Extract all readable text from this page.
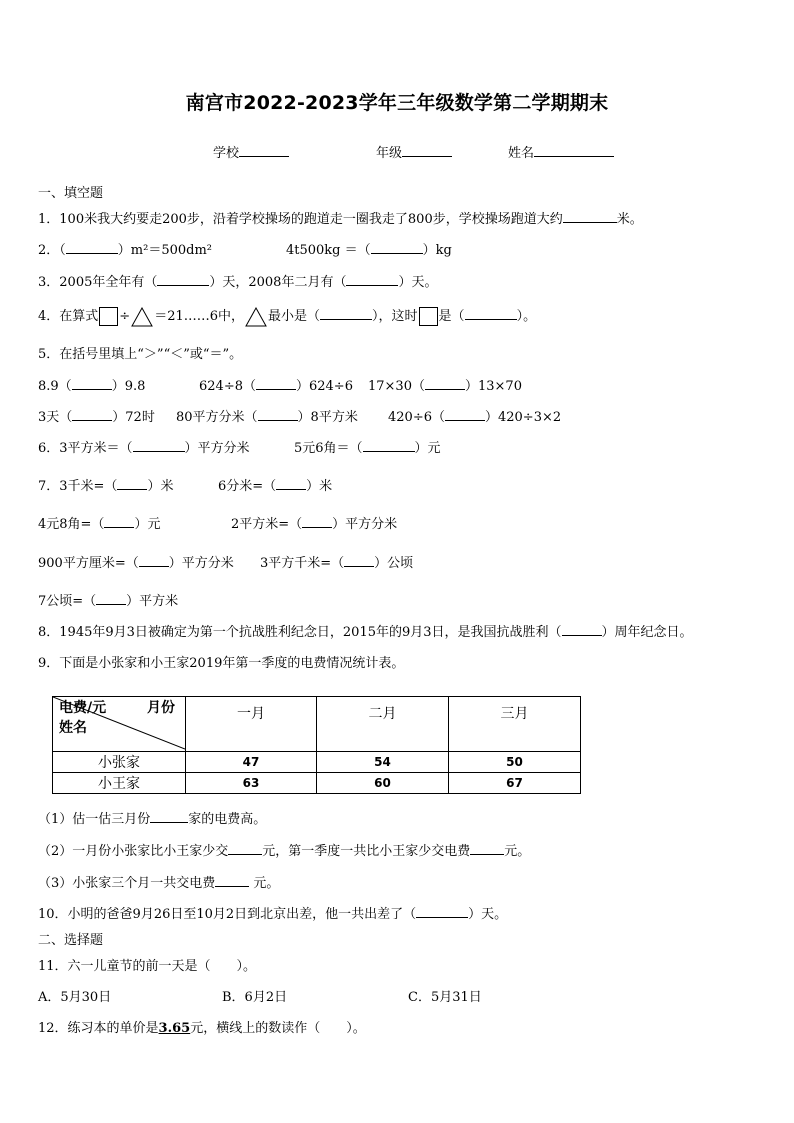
南宫市2022-2023学年三年级数学第二学期期末
学校	年级	姓名
一、填空题
1．100米我大约要走200步，沿着学校操场的跑道走一圈我走了800步，学校操场跑道大约	米。
2．（	）m²＝500dm²	4t500kg ＝（	）kg
3．2005年全年有（	）天，2008年二月有（	）天。
4．在算式 ÷ ＝21……6中， 最小是（	），这时 是（	）。
5．在括号里填上“＞”“＜”或“＝”。
8.9（	）9.8	624÷8（	）624÷6 17×30（	）13×70
3天（	）72时 80平方分米（	）8平方米 420÷6（	）420÷3×2
6．3平方米＝（	）平方分米	5元6角＝（	）元
7．3千米=（ ）米	6分米=（ ）米
4元8角=（ ）元	2平方米=（ ）平方分米
900平方厘米=（ ）平方分米 3平方千米=（ ）公顷
7公顷=（ ）平方米
8．1945年9月3日被确定为第一个抗战胜利纪念日，2015年的9月3日，是我国抗战胜利（	）周年纪念日。
9．下面是小张家和小王家2019年第一季度的电费情况统计表。
电费/元 月份
姓名	一月	二月	三月
小张家	47	54	50
小王家	63	60	67
（1）估一估三月份	家的电费高。
（2）一月份小张家比小王家少交	元，第一季度一共比小王家少交电费	元。
（3）小张家三个月一共交电费	元。
10．小明的爸爸9月26日至10月2日到北京出差，他一共出差了（	）天。
二、选择题
11．六一儿童节的前一天是（　　）。
A．5月30日	B．6月2日	C．5月31日
12．练习本的单价是3.65元，横线上的数读作（　　）。
